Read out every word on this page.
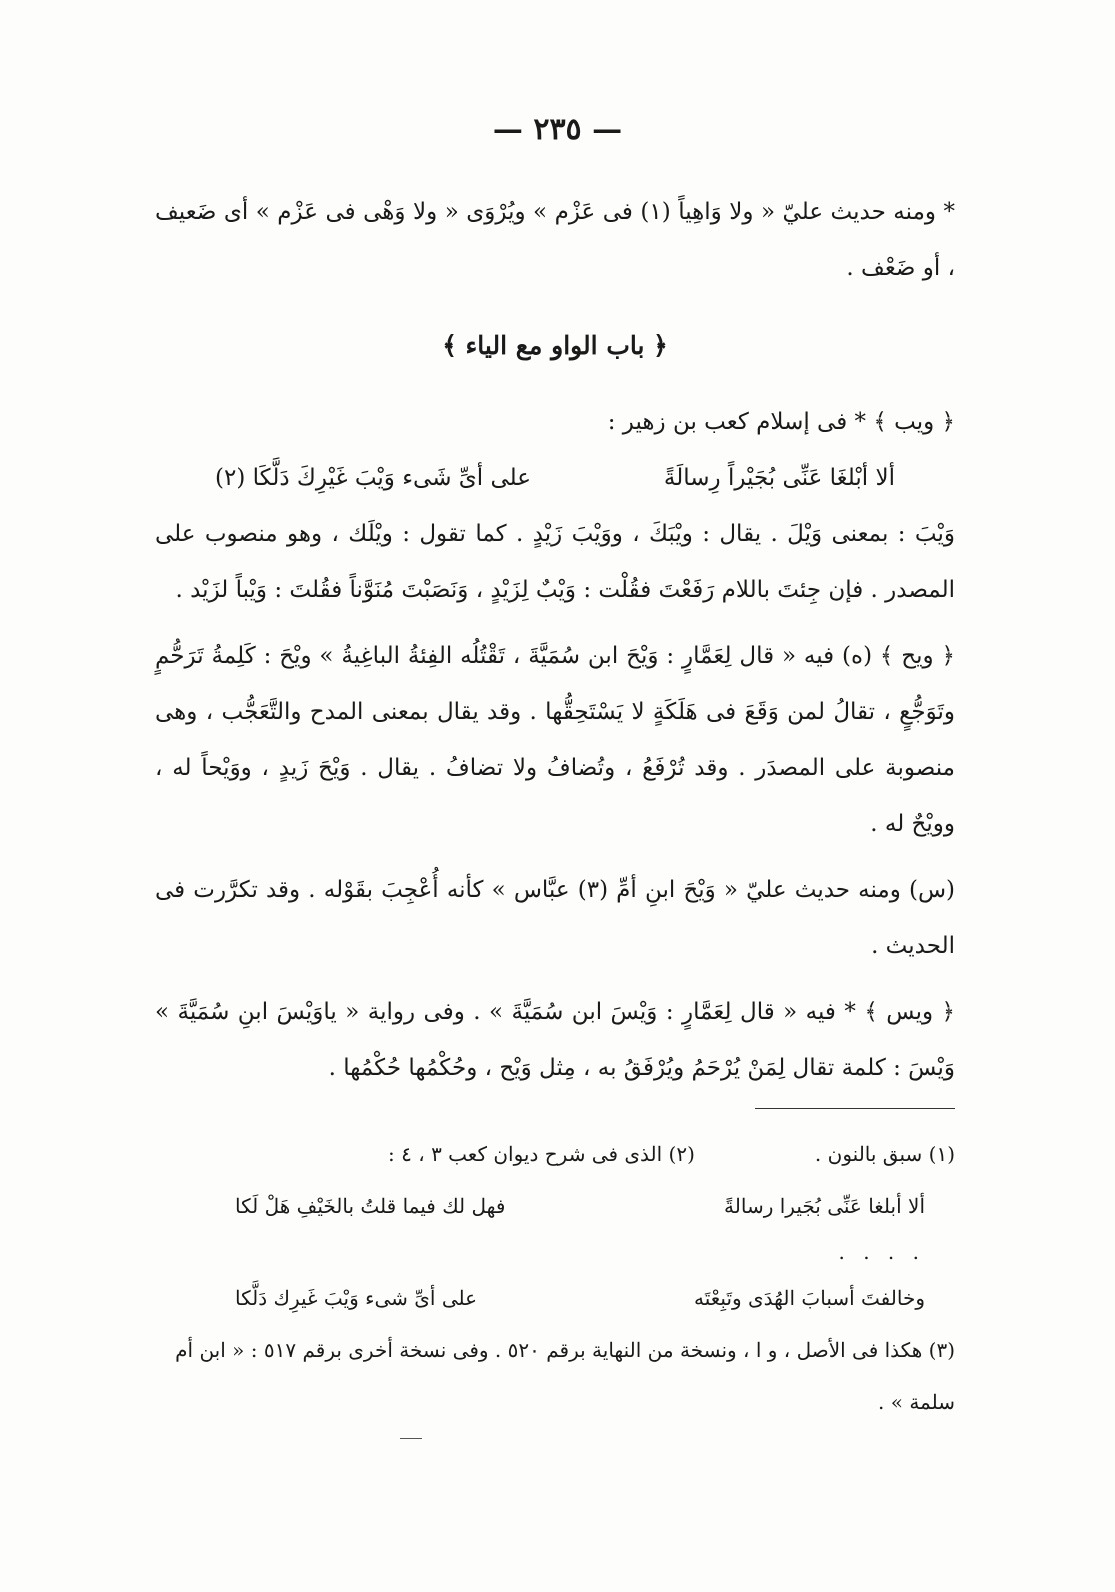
— ٢٣٥ —

* ومنه حديث عليّ « ولا وَاهِياً (١) فى عَزْم » ويُرْوَى « ولا وَهْى فى عَزْم » أى ضَعيف ، أو ضَعْف .

﴿ باب الواو مع الياء ﴾

﴿ ويب ﴾ * فى إسلام كعب بن زهير :

ألا أبْلغَا عَنِّى بُجَيْراً رِسالَةً
على أىِّ شَىء وَيْبَ غَيْرِكَ دَلَّكَا (٢)

وَيْبَ : بمعنى وَيْلَ . يقال : ويْبَكَ ، ووَيْبَ زَيْدٍ . كما تقول : ويْلَك ، وهو منصوب على المصدر . فإن جِئتَ باللام رَفَعْتَ فقُلْت : وَيْبٌ لِزَيْدٍ ، وَنَصَبْتَ مُنَوَّناً فقُلتَ : وَيْباً لزَيْد .

﴿ ويح ﴾ (ه) فيه « قال لِعَمَّارٍ : وَيْحَ ابن سُمَيَّةَ ، تَقْتُلُه الفِئةُ الباغِيةُ » ويْحَ : كَلِمةُ تَرَحُّمٍ وتَوَجُّعٍ ، تقالُ لمن وَقَعَ فى هَلَكَةٍ لا يَسْتَحِقُّها . وقد يقال بمعنى المدح والتَّعَجُّب ، وهى منصوبة على المصدَر . وقد تُرْفَعُ ، وتُضافُ ولا تضافُ . يقال . وَيْحَ زَيدٍ ، ووَيْحاً له ، وويْحٌ له .

(س) ومنه حديث عليّ « وَيْحَ ابنِ أمِّ (٣) عبَّاس » كأنه أُعْجِبَ بقَوْله . وقد تكرَّرت فى الحديث .

﴿ ويس ﴾ * فيه « قال لِعَمَّارٍ : وَيْسَ ابن سُمَيَّةَ » . وفى رواية « ياوَيْسَ ابنِ سُمَيَّةَ » وَيْسَ : كلمة تقال لِمَنْ يُرْحَمُ ويُرْفَقُ به ، مِثل وَيْح ، وحُكْمُها حُكْمُها .

(١) سبق بالنون .
(٢) الذى فى شرح ديوان كعب ٣ ، ٤ :
ألا أبلغا عَنِّى بُجَيرا رسالةً
فهل لك فيما قلتُ بالخَيْفِ هَلْ لَكا
. . . .
وخالفتَ أسبابَ الهُدَى وتَبِعْتَه
على أىِّ شىء وَيْبَ غَيرِك دَلَّكا
(٣) هكذا فى الأصل ، و ا ، ونسخة من النهاية برقم ٥٢٠ . وفى نسخة أخرى برقم ٥١٧ : « ابن أم سلمة » .
